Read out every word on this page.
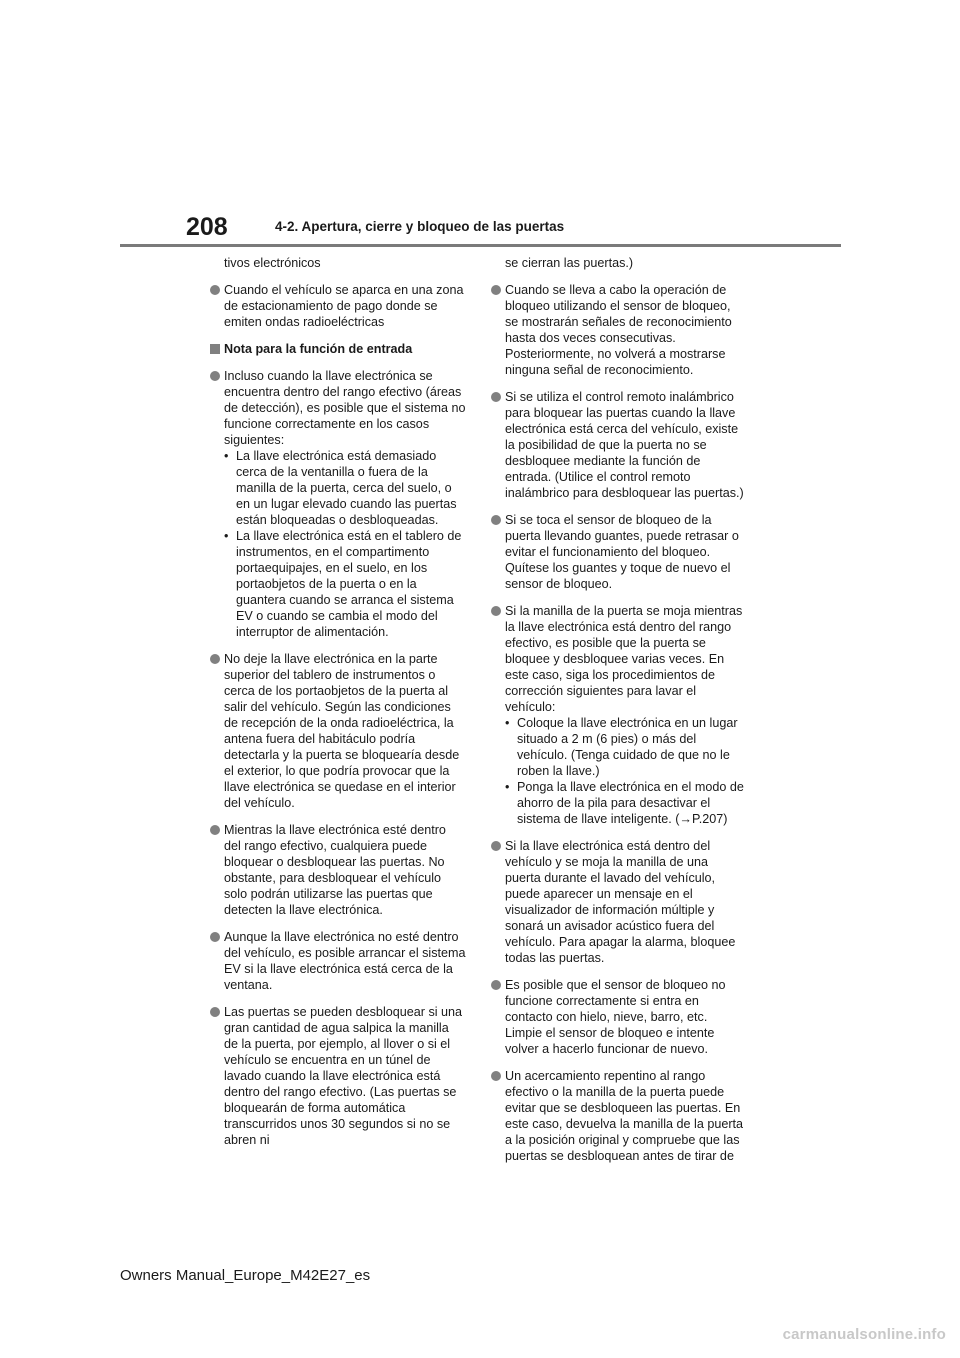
208	4-2. Apertura, cierre y bloqueo de las puertas
tivos electrónicos
Cuando el vehículo se aparca en una zona de estacionamiento de pago donde se emiten ondas radioeléctricas
Nota para la función de entrada
Incluso cuando la llave electrónica se encuentra dentro del rango efectivo (áreas de detección), es posible que el sistema no funcione correctamente en los casos siguientes:
• La llave electrónica está demasiado cerca de la ventanilla o fuera de la manilla de la puerta, cerca del suelo, o en un lugar elevado cuando las puertas están bloqueadas o desbloqueadas.
• La llave electrónica está en el tablero de instrumentos, en el compartimento portaequipajes, en el suelo, en los portaobjetos de la puerta o en la guantera cuando se arranca el sistema EV o cuando se cambia el modo del interruptor de alimentación.
No deje la llave electrónica en la parte superior del tablero de instrumentos o cerca de los portaobjetos de la puerta al salir del vehículo. Según las condiciones de recepción de la onda radioeléctrica, la antena fuera del habitáculo podría detectarla y la puerta se bloquearía desde el exterior, lo que podría provocar que la llave electrónica se quedase en el interior del vehículo.
Mientras la llave electrónica esté dentro del rango efectivo, cualquiera puede bloquear o desbloquear las puertas. No obstante, para desbloquear el vehículo solo podrán utilizarse las puertas que detecten la llave electrónica.
Aunque la llave electrónica no esté dentro del vehículo, es posible arrancar el sistema EV si la llave electrónica está cerca de la ventana.
Las puertas se pueden desbloquear si una gran cantidad de agua salpica la manilla de la puerta, por ejemplo, al llover o si el vehículo se encuentra en un túnel de lavado cuando la llave electrónica está dentro del rango efectivo. (Las puertas se bloquearán de forma automática transcurridos unos 30 segundos si no se abren ni
se cierran las puertas.)
Cuando se lleva a cabo la operación de bloqueo utilizando el sensor de bloqueo, se mostrarán señales de reconocimiento hasta dos veces consecutivas. Posteriormente, no volverá a mostrarse ninguna señal de reconocimiento.
Si se utiliza el control remoto inalámbrico para bloquear las puertas cuando la llave electrónica está cerca del vehículo, existe la posibilidad de que la puerta no se desbloquee mediante la función de entrada. (Utilice el control remoto inalámbrico para desbloquear las puertas.)
Si se toca el sensor de bloqueo de la puerta llevando guantes, puede retrasar o evitar el funcionamiento del bloqueo. Quítese los guantes y toque de nuevo el sensor de bloqueo.
Si la manilla de la puerta se moja mientras la llave electrónica está dentro del rango efectivo, es posible que la puerta se bloquee y desbloquee varias veces. En este caso, siga los procedimientos de corrección siguientes para lavar el vehículo:
• Coloque la llave electrónica en un lugar situado a 2 m (6 pies) o más del vehículo. (Tenga cuidado de que no le roben la llave.)
• Ponga la llave electrónica en el modo de ahorro de la pila para desactivar el sistema de llave inteligente. (→P.207)
Si la llave electrónica está dentro del vehículo y se moja la manilla de una puerta durante el lavado del vehículo, puede aparecer un mensaje en el visualizador de información múltiple y sonará un avisador acústico fuera del vehículo. Para apagar la alarma, bloquee todas las puertas.
Es posible que el sensor de bloqueo no funcione correctamente si entra en contacto con hielo, nieve, barro, etc. Limpie el sensor de bloqueo e intente volver a hacerlo funcionar de nuevo.
Un acercamiento repentino al rango efectivo o la manilla de la puerta puede evitar que se desbloqueen las puertas. En este caso, devuelva la manilla de la puerta a la posición original y compruebe que las puertas se desbloquean antes de tirar de
Owners Manual_Europe_M42E27_es
carmanualsonline.info
